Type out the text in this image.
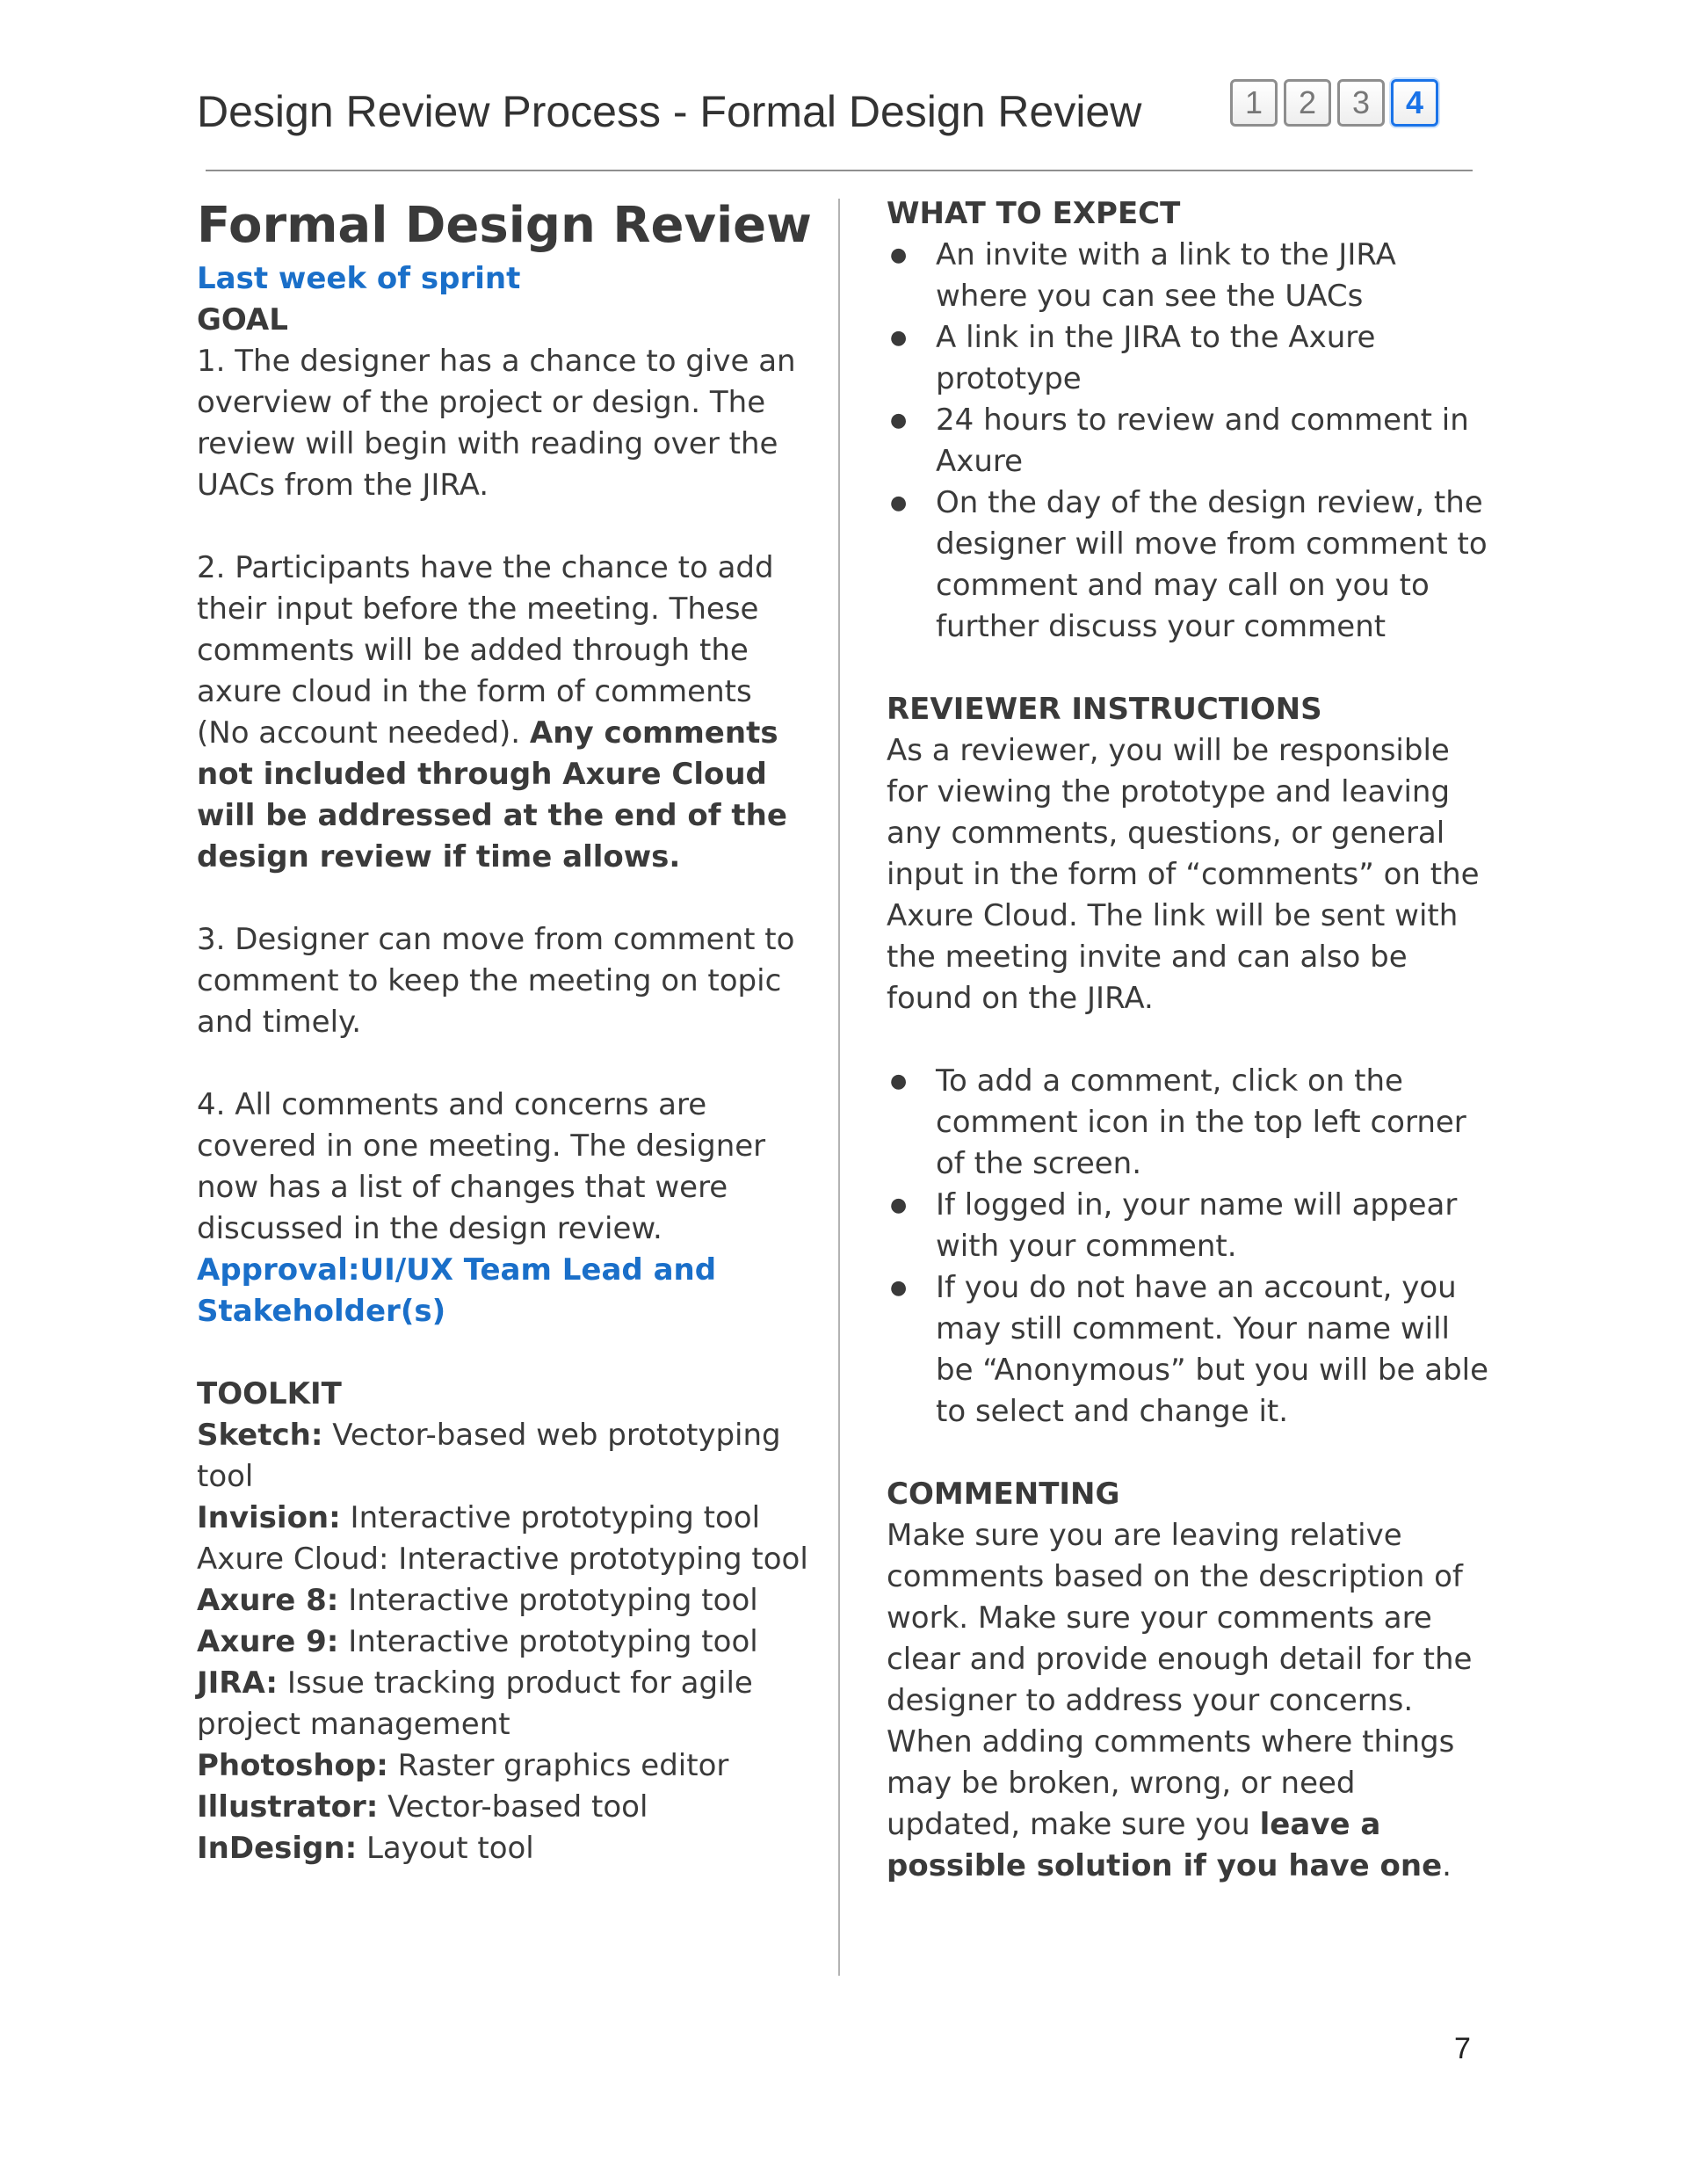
Design Review Process - Formal Design Review	1	2	3	4

Formal Design Review

Last week of sprint

GOAL

1. The designer has a chance to give an overview of the project or design. The review will begin with reading over the UACs from the JIRA.

2. Participants have the chance to add their input before the meeting. These comments will be added through the axure cloud in the form of comments (No account needed). Any comments not included through Axure Cloud will be addressed at the end of the design review if time allows.

3. Designer can move from comment to comment to keep the meeting on topic and timely.

4. All comments and concerns are covered in one meeting. The designer now has a list of changes that were discussed in the design review.

Approval:UI/UX Team Lead and Stakeholder(s)

TOOLKIT

Sketch: Vector-based web prototyping tool

Invision: Interactive prototyping tool

Axure Cloud: Interactive prototyping tool

Axure 8: Interactive prototyping tool

Axure 9: Interactive prototyping tool

JIRA: Issue tracking product for agile project management

Photoshop: Raster graphics editor

Illustrator: Vector-based tool

InDesign: Layout tool

WHAT TO EXPECT

● An invite with a link to the JIRA where you can see the UACs
● A link in the JIRA to the Axure prototype
● 24 hours to review and comment in Axure
● On the day of the design review, the designer will move from comment to comment and may call on you to further discuss your comment

REVIEWER INSTRUCTIONS

As a reviewer, you will be responsible for viewing the prototype and leaving any comments, questions, or general input in the form of “comments” on the Axure Cloud. The link will be sent with the meeting invite and can also be found on the JIRA.

● To add a comment, click on the comment icon in the top left corner of the screen.
● If logged in, your name will appear with your comment.
● If you do not have an account, you may still comment. Your name will be “Anonymous” but you will be able to select and change it.

COMMENTING

Make sure you are leaving relative comments based on the description of work. Make sure your comments are clear and provide enough detail for the designer to address your concerns. When adding comments where things may be broken, wrong, or need updated, make sure you leave a possible solution if you have one.

7
